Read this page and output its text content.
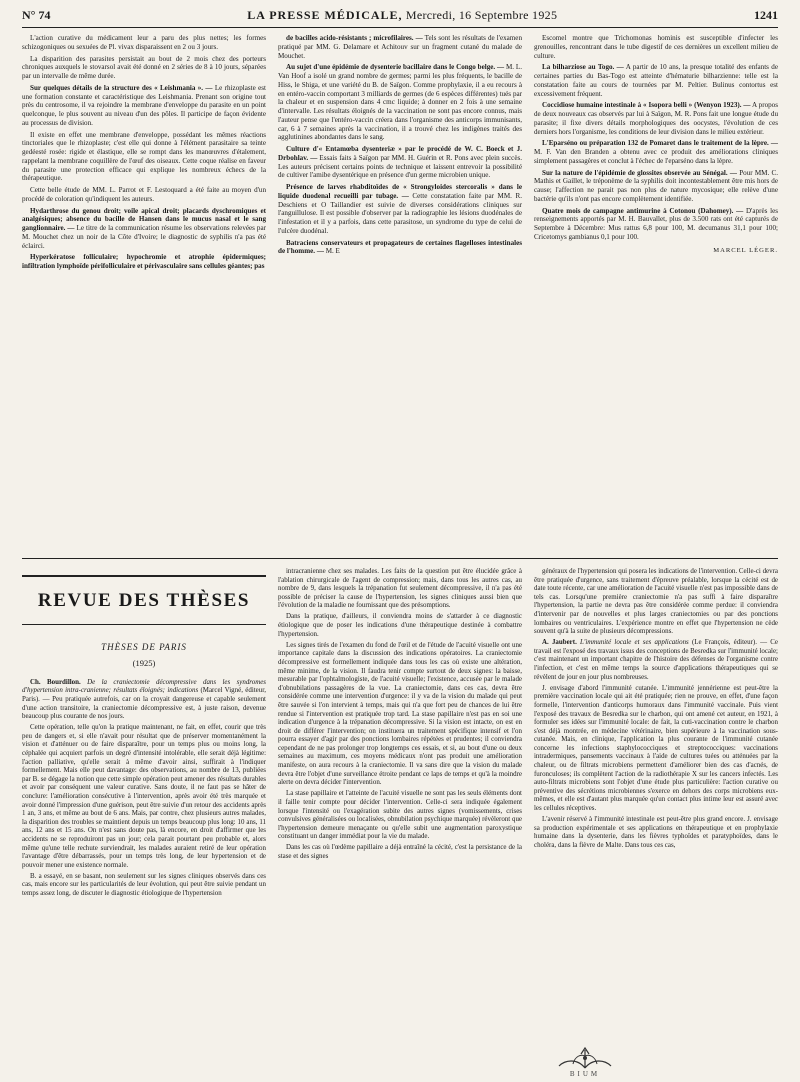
N° 74	LA PRESSE MÉDICALE, Mercredi, 16 Septembre 1925	1241

L'action curative du médicament leur a paru des plus nettes; les formes schizogoniques ou sexuées de Pl. vivax disparaissent en 2 ou 3 jours.

La disparition des parasites persistait au bout de 2 mois chez des porteurs chroniques auxquels le stovarsol avait été donné en 2 séries de 8 à 10 jours, séparées par un intervalle de même durée.

Sur quelques détails de la structure des « Leishmania ». — Le rhizoplaste est une formation constante et caractéristique des Leishmania. Prenant son origine tout près du centrosome, il va rejoindre la membrane d'enveloppe du parasite en un point quelconque, le plus souvent au niveau d'un des pôles. Il participe de façon évidente au processus de division.

Il existe en effet une membrane d'enveloppe, possédant les mêmes réactions tinctoriales que le rhizoplaste; c'est elle qui donne à l'élément parasitaire sa teinte gedéesté rosée: rigide et élastique, elle se rompt dans les manœuvres d'étalement, rappelant la membrane coquillère de l'œuf des oiseaux. Cette coque réalise en faveur du parasite une protection efficace qui explique les nombreux échecs de la thérapeutique.

Cette belle étude de MM. L. Parrot et F. Lestoquard a été faite au moyen d'un procédé de coloration qu'indiquent les auteurs.

Hydarthrose du genou droit; voile apical droit; placards dyschromiques et analgésiques; absence du bacille de Hansen dans le mucus nasal et le sang ganglionnaire. — Le titre de la communication résume les observations relevées par M. Mouchet chez un noir de la Côte d'Ivoire; le diagnostic de syphilis n'a pas été éclairci.

Hyperkératose folliculaire; hypochromie et atrophie épidermiques; infiltration lymphoïde périfolliculaire et périvasculaire sans cellules géantes; pas

de bacilles acido-résistants ; microfilaires. — Tels sont les résultats de l'examen pratiqué par MM. G. Delamare et Achitouv sur un fragment cutané du malade de Mouchet.

Au sujet d'une épidémie de dysenterie bacillaire dans le Congo belge. — M. L. Van Hoof a isolé un grand nombre de germes; parmi les plus fréquents, le bacille de Hiss, le Shiga, et une variété du B. de Saïgon. Comme prophylaxie, il a eu recours à en entéro-vaccin comportant 3 milliards de germes (de 6 espèces différentes) tués par la chaleur et en suspension dans 4 cmc liquide; à donner en 2 fois à une semaine d'intervalle. Les résultats éloignés de la vaccination ne sont pas encore connus, mais l'auteur pense que l'entéro-vaccin créera dans l'organisme des anticorps immunisants, car, 6 à 7 semaines après la vaccination, il a trouvé chez les indigènes traités des agglutinines abondantes dans le sang.

Culture d'« Entamœba dysenteriæ » par le procédé de W. C. Boeck et J. Drbohlav. — Essais faits à Saïgon par MM. H. Guérin et R. Pons avec plein succès. Les auteurs précisent certains points de technique et laissent entrevoir la possibilité de cultiver l'amibe dysentérique en présence d'un germe microbien unique.

Présence de larves rhabditoïdes de « Strongyloides stercoralis » dans le liquide duodenal recueilli par tubage. — Cette constatation faite par MM. R. Deschiens et O Taillandier est suivie de diverses considérations cliniques sur l'anguillulose. Il est possible d'observer par la radiographie les lésions duodénales de l'infestation et il y a parfois, dans cette parasitose, un syndrome du type de celui de l'ulcère duodénal.

Batraciens conservateurs et propagateurs de certaines flagelloses intestinales de l'homme. — M. E

Escomel montre que Trichomonas hominis est susceptible d'infecter les grenouilles, rencontrant dans le tube digestif de ces dernières un excellent milieu de culture.

La bilharziose au Togo. — A partir de 10 ans, la presque totalité des enfants de certaines parties du Bas-Togo est atteinte d'hématurie bilharzienne: telle est la constatation faite au cours de tournées par M. Peltier. Bulinus contortus est excessivement fréquent.

Coccidiose humaine intestinale à « Isopora belli » (Wenyon 1923). — A propos de deux nouveaux cas observés par lui à Saïgon, M. R. Pons fait une longue étude du parasite; il fixe divers détails morphologiques des oocystes, l'évolution de ces derniers hors l'organisme, les conditions de leur division dans le milieu extérieur.

L'Eparséno ou préparation 132 de Pomaret dans le traitement de la lèpre. — M. F. Van den Branden a obtenu avec ce produit des améliorations cliniques simplement passagères et conclut à l'échec de l'eparséno dans la lèpre.

Sur la nature de l'épidémie de glossites observée au Sénégal. — Pour MM. C. Mathis et Gaillet, le tréponème de la syphilis doit incontestablement être mis hors de cause; l'affection ne parait pas non plus de nature mycosique; elle relève d'une bactérie qu'ils n'ont pas encore complètement identifiée.

Quatre mois de campagne antimurine à Cotonou (Dahomey). — D'après les renseignements apportés par M. H. Bauvallet, plus de 3.500 rats ont été capturés de Septembre à Décembre: Mus rattus 6,8 pour 100, M. decumanus 31,1 pour 100; Cricetomys gambianus 0,1 pour 100.

MARCEL LÉGER.
REVUE DES THÈSES
THÈSES DE PARIS
(1925)

Ch. Bourdillon. De la craniectomie décompressive dans les syndromes d'hypertension intra-cranienne; résultats éloignés; indications (Marcel Vigné, éditeur, Paris). — Peu pratiquée autrefois, car on la croyait dangereuse et capable seulement d'une action transitoire, la craniectomie décompressive est, à juste raison, devenue beaucoup plus courante de nos jours.

Cette opération, telle qu'on la pratique maintenant, ne fait, en effet, courir que très peu de dangers et, si elle n'avait pour résultat que de préserver momentanément la vision et d'atténuer ou de faire disparaître, pour un temps plus ou moins long, la céphalée qui acquiert parfois un degré d'intensité intolérable, elle serait déjà légitime: l'action palliative, qu'elle serait à même d'avoir ainsi, suffirait à l'indiquer formellement. Mais elle peut davantage: des observations, au nombre de 13, publiées par B. se dégage la notion que cette simple opération peut amener des résultats durables et avoir par conséquent une valeur curative. Sans doute, il ne faut pas se hâter de conclure: l'amélioration consécutive à l'intervention, après avoir été très marquée et avoir donné l'impression d'une guérison, peut être suivie d'un retour des accidents après 1 an, 3 ans, et même au bout de 6 ans. Mais, par contre, chez plusieurs autres malades, la disparition des troubles se maintient depuis un temps beaucoup plus long: 10 ans, 11 ans, 12 ans et 15 ans. On n'est sans doute pas, là encore, en droit d'affirmer que les accidents ne se reproduiront pas un jour; cela parait pourtant peu probable et, alors même qu'une telle rechute surviendrait, les malades auraient retiré de leur opération l'avantage d'être débarrassés, pour un temps très long, de leur hypertension et de pouvoir mener une existence normale.

B. a essayé, en se basant, non seulement sur les signes cliniques observés dans ces cas, mais encore sur les particularités de leur évolution, qui peut être suivie pendant un temps assez long, de discuter le diagnostic étiologique de l'hypertension

intracranienne chez ses malades. Les faits de la question put être élucidée grâce à l'ablation chirurgicale de l'agent de compression; mais, dans tous les autres cas, au nombre de 9, dans lesquels la trépanation fut seulement décompressive, il n'a pas été possible de préciser la cause de l'hypertension, les signes cliniques aussi bien que l'évolution de la maladie ne fournissant que des présomptions.

Dans la pratique, d'ailleurs, il conviendra moins de s'attarder à ce diagnostic étiologique que de poser les indications d'une thérapeutique destinée à combattre l'hypertension.

Les signes tirés de l'examen du fond de l'œil et de l'étude de l'acuité visuelle ont une importance capitale dans la discussion des indications opératoires. La craniectomie décompressive est formellement indiquée dans tous les cas où existe une altération, même minime, de la vision. Il faudra tenir compte surtout de deux signes: la baisse, mesurable par l'ophtalmologiste, de l'acuité visuelle; l'existence, accusée par le malade d'obnubilations passagères de la vue. La craniectomie, dans ces cas, devra être considérée comme une intervention d'urgence: il y va de la vision du malade qui peut être sauvée si l'on intervient à temps, mais qui n'a que fort peu de chances de lui être rendue si l'intervention est pratiquée trop tard. La stase papillaire n'est pas en soi une indication d'urgence à la trépanation décompressive. Si la vision est intacte, on est en droit de différer l'intervention; on instituera un traitement spécifique intensif et l'on pourra essayer d'agir par des ponctions lombaires répétées et prudentes; il conviendra cependant de ne pas prolonger trop longtemps ces essais, et si, au bout d'une ou deux semaines au maximum, ces moyens médicaux n'ont pas produit une amélioration manifeste, on aura recours à la craniectomie. Il va sans dire que la vision du malade devra être l'objet d'une surveillance étroite pendant ce laps de temps et qu'à la moindre alerte on devra décider l'intervention.

La stase papillaire et l'atteinte de l'acuité visuelle ne sont pas les seuls éléments dont il faille tenir compte pour décider l'intervention. Celle-ci sera indiquée également lorsque l'intensité ou l'exagération subite des autres signes (vomissements, crises convulsives généralisées ou localisées, obnubilation psychique marquée) révèleront que l'hypertension demeure menaçante ou qu'elle subit une augmentation paroxystique constituant un danger immédiat pour la vie du malade.

Dans les cas où l'œdème papillaire a déjà entraîné la cécité, c'est la persistance de la stase et des signes

généraux de l'hypertension qui posera les indications de l'intervention. Celle-ci devra être pratiquée d'urgence, sans traitement d'épreuve préalable, lorsque la cécité est de date toute récente, car une amélioration de l'acuité visuelle n'est pas impossible dans de tels cas. Lorsqu'une première craniectomie n'a pas suffi à faire disparaître l'hypertension, la partie ne devra pas être considérée comme perdue: il conviendra d'intervenir par de nouvelles et plus larges craniectomies ou par des ponctions lombaires ou ventriculaires. L'expérience montre en effet que l'hypertension ne cède souvent qu'à la suite de plusieurs décompressions.

A. Jaubert. L'immunité locale et ses applications (Le François, éditeur). — Ce travail est l'exposé des travaux issus des conceptions de Besredka sur l'immunité locale; c'est maintenant un important chapitre de l'histoire des défenses de l'organisme contre l'infection, et c'est en même temps la source d'applications thérapeutiques qui se révèlent de jour en jour plus nombreuses.

J. envisage d'abord l'immunité cutanée. L'immunité jennérienne est peut-être la première vaccination locale qui ait été pratiquée; rien ne prouve, en effet, d'une façon formelle, l'intervention d'anticorps humoraux dans l'immunité vaccinale. Puis vient l'exposé des travaux de Besredka sur le charbon, qui ont amené cet auteur, en 1921, à formuler ses idées sur l'immunité locale: de fait, la cuti-vaccination contre le charbon s'est déjà montrée, en médecine vétérinaire, bien supérieure à la vaccination sous-cutanée. Mais, en clinique, l'application la plus courante de l'immunité cutanée concerne les infections staphylococciques et streptococciques: vaccinations intradermiques, pansements vaccinaux à l'aide de cultures tuées ou atténuées par la chaleur, ou de filtrats microbiens permettent d'améliorer bien des cas d'acnés, de furonculoses; ils complètent l'action de la radiothérapie X sur les cancers infectés. Les auto-filtrats microbiens sont l'objet d'une étude plus particulière: l'action curative ou préventive des sécrétions microbiennes s'exerce en dehors des corps microbiens eux-mêmes, et elle est d'autant plus marquée qu'un contact plus intime leur est assuré avec les cellules réceptives.

L'avenir réservé à l'immunité intestinale est peut-être plus grand encore. J. envisage sa production expérimentale et ses applications en thérapeutique et en prophylaxie humaine dans la dysenterie, dans les fièvres typhoïdes et paratyphoïdes, dans le choléra, dans la fièvre de Malte. Dans tous ces cas,

BIUM
